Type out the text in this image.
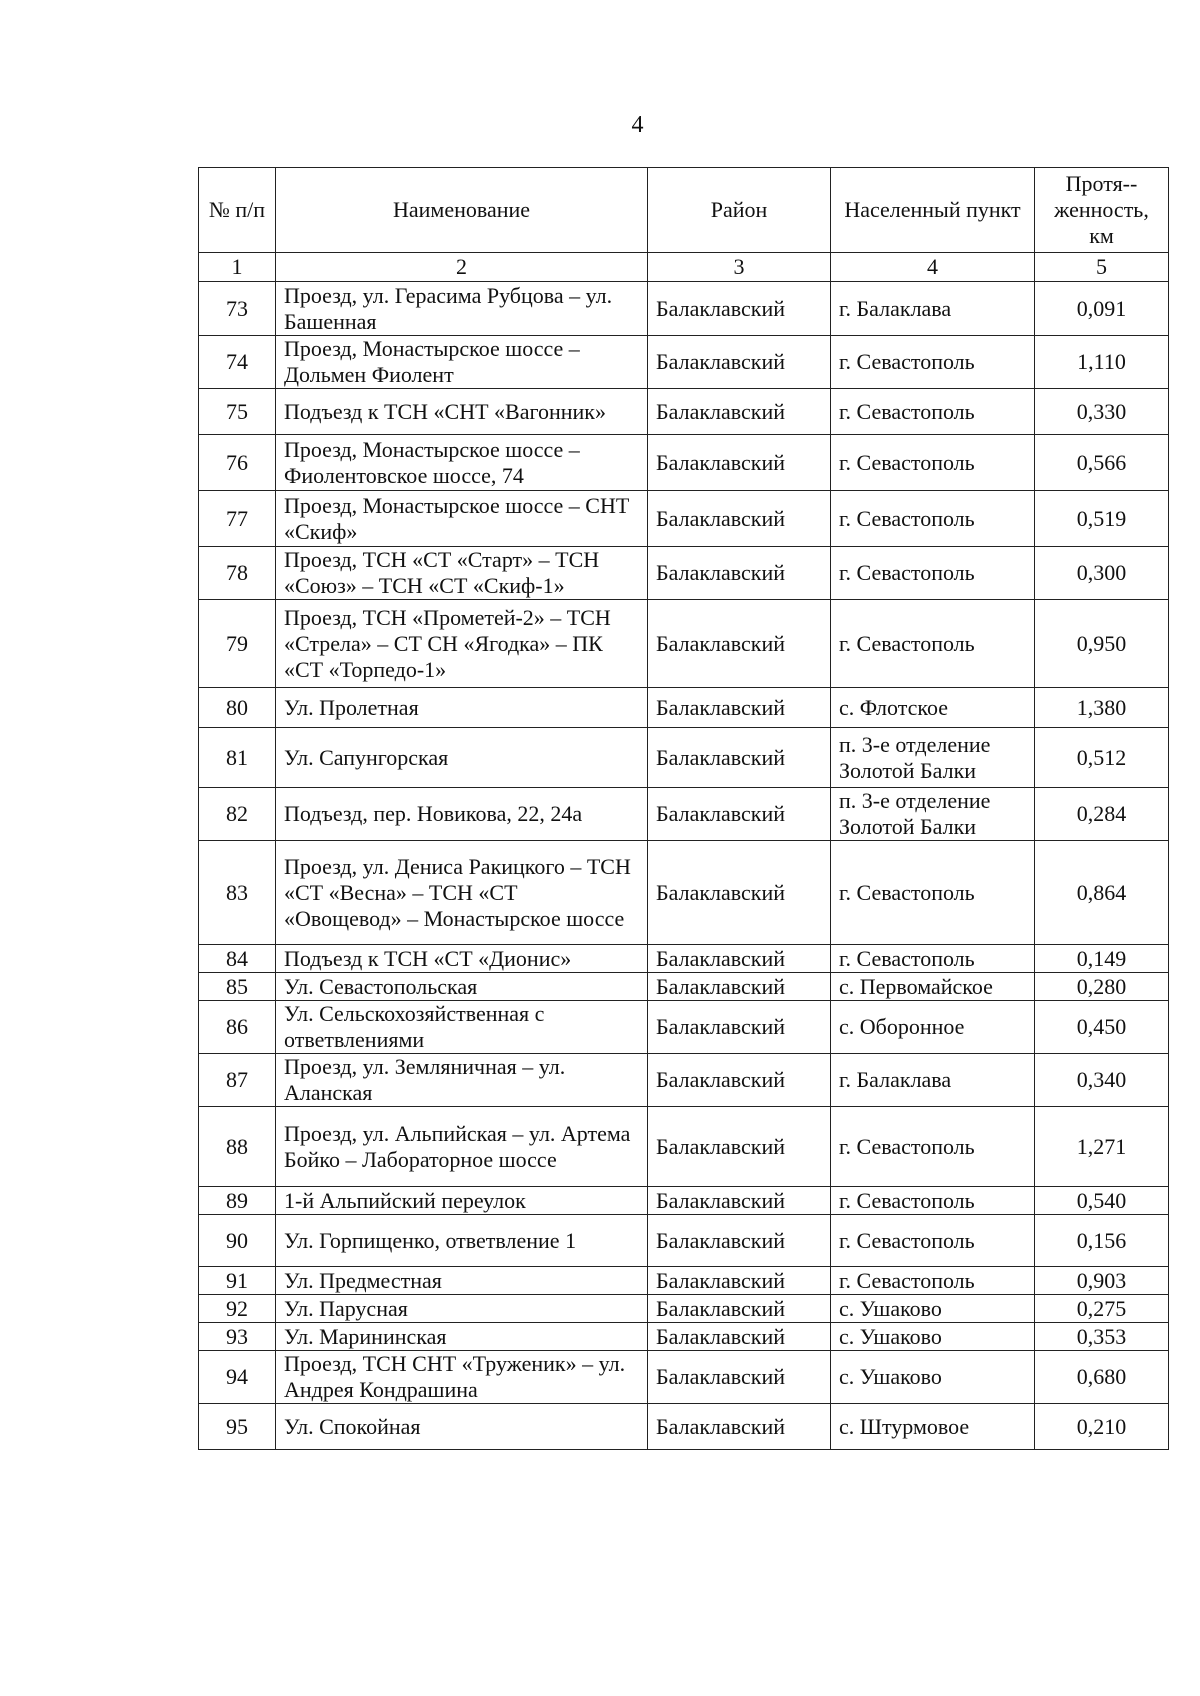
4
№ п/п	Наименование	Район	Населенный пункт	Протя-женность, км
1	2	3	4	5
73	Проезд, ул. Герасима Рубцова – ул. Башенная	Балаклавский	г. Балаклава	0,091
74	Проезд, Монастырское шоссе – Дольмен Фиолент	Балаклавский	г. Севастополь	1,110
75	Подъезд к ТСН «СНТ «Вагонник»	Балаклавский	г. Севастополь	0,330
76	Проезд, Монастырское шоссе – Фиолентовское шоссе, 74	Балаклавский	г. Севастополь	0,566
77	Проезд, Монастырское шоссе – СНТ «Скиф»	Балаклавский	г. Севастополь	0,519
78	Проезд, ТСН «СТ «Старт» – ТСН «Союз» – ТСН «СТ «Скиф-1»	Балаклавский	г. Севастополь	0,300
79	Проезд, ТСН «Прометей-2» – ТСН «Стрела» – СТ СН «Ягодка» – ПК «СТ «Торпедо-1»	Балаклавский	г. Севастополь	0,950
80	Ул. Пролетная	Балаклавский	с. Флотское	1,380
81	Ул. Сапунгорская	Балаклавский	п. 3-е отделение Золотой Балки	0,512
82	Подъезд, пер. Новикова, 22, 24а	Балаклавский	п. 3-е отделение Золотой Балки	0,284
83	Проезд, ул. Дениса Ракицкого – ТСН «СТ «Весна» – ТСН «СТ «Овощевод» – Монастырское шоссе	Балаклавский	г. Севастополь	0,864
84	Подъезд к ТСН «СТ «Дионис»	Балаклавский	г. Севастополь	0,149
85	Ул. Севастопольская	Балаклавский	с. Первомайское	0,280
86	Ул. Сельскохозяйственная с ответвлениями	Балаклавский	с. Оборонное	0,450
87	Проезд, ул. Земляничная – ул. Аланская	Балаклавский	г. Балаклава	0,340
88	Проезд, ул. Альпийская – ул. Артема Бойко – Лабораторное шоссе	Балаклавский	г. Севастополь	1,271
89	1-й Альпийский переулок	Балаклавский	г. Севастополь	0,540
90	Ул. Горпищенко, ответвление 1	Балаклавский	г. Севастополь	0,156
91	Ул. Предместная	Балаклавский	г. Севастополь	0,903
92	Ул. Парусная	Балаклавский	с. Ушаково	0,275
93	Ул. Марининская	Балаклавский	с. Ушаково	0,353
94	Проезд, ТСН СНТ «Труженик» – ул. Андрея Кондрашина	Балаклавский	с. Ушаково	0,680
95	Ул. Спокойная	Балаклавский	с. Штурмовое	0,210
